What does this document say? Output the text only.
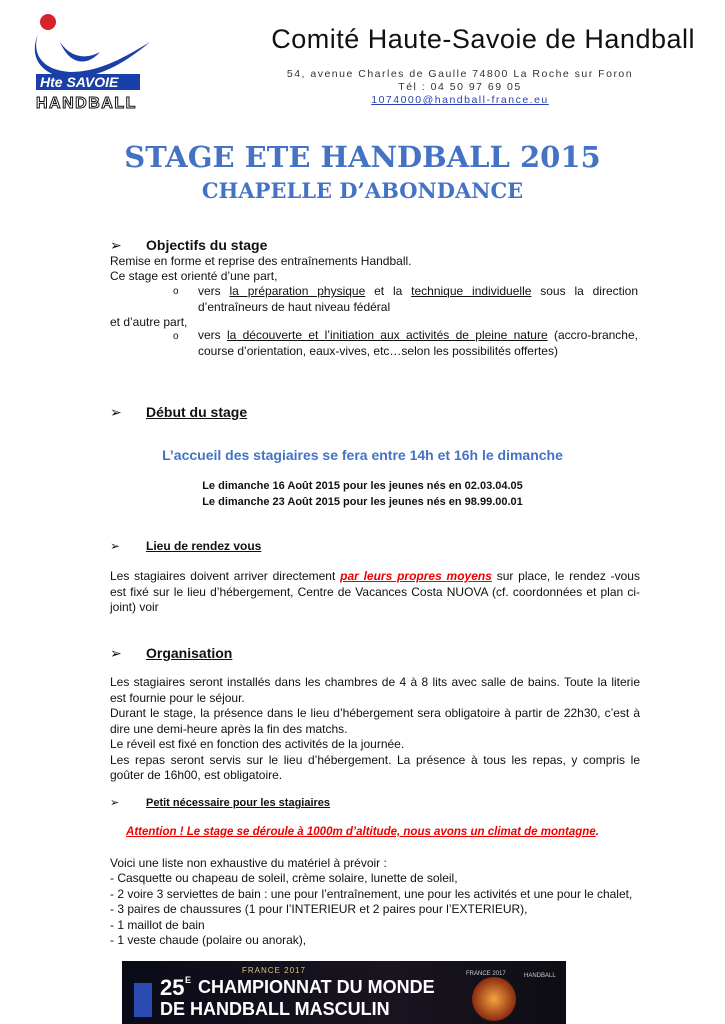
Hte SAVOIE
HANDBALL
Comité Haute-Savoie de Handball
54, avenue Charles de Gaulle 74800 La Roche sur Foron
Tél : 04 50 97 69 05
1074000@handball-france.eu
STAGE ETE HANDBALL 2015
CHAPELLE D’ABONDANCE
➢ Objectifs du stage
Remise en forme et reprise des entraînements Handball.
Ce stage est orienté d’une part,
o vers la préparation physique et la technique individuelle sous la direction d’entraîneurs de haut niveau fédéral
et d’autre part,
o vers la découverte et l’initiation aux activités de pleine nature (accro-branche, course d’orientation, eaux-vives, etc…selon les possibilités offertes)
➢ Début du stage
L’accueil des stagiaires se fera entre 14h et 16h le dimanche
Le dimanche 16 Août 2015 pour les jeunes nés en 02.03.04.05
Le dimanche 23 Août 2015 pour les jeunes nés en 98.99.00.01
➢ Lieu de rendez vous
Les stagiaires doivent arriver directement par leurs propres moyens sur place, le rendez -vous est fixé sur le lieu d’hébergement, Centre de Vacances Costa NUOVA (cf. coordonnées et plan ci-joint) voir
➢ Organisation
Les stagiaires seront installés dans les chambres de 4 à 8 lits avec salle de bains. Toute la literie est fournie pour le séjour.
Durant le stage, la présence dans le lieu d’hébergement sera obligatoire à partir de 22h30, c’est à dire une demi-heure après la fin des matchs.
Le réveil est fixé en fonction des activités de la journée.
Les repas seront servis sur le lieu d’hébergement. La présence à tous les repas, y compris le goûter de 16h00, est obligatoire.
➢ Petit nécessaire pour les stagiaires
Attention ! Le stage se déroule à 1000m d’altitude, nous avons un climat de montagne.
Voici une liste non exhaustive du matériel à prévoir :
- Casquette ou chapeau de soleil, crème solaire, lunette de soleil,
- 2 voire 3 serviettes de bain : une pour l’entraînement, une pour les activités et une pour le chalet,
- 3 paires de chaussures (1 pour l’INTERIEUR et 2 paires pour l’EXTERIEUR),
- 1 maillot de bain
- 1 veste chaude (polaire ou anorak),
FRANCE 2017
25 E CHAMPIONNAT DU MONDE
DE HANDBALL MASCULIN
FRANCE 2017	HANDBALL
